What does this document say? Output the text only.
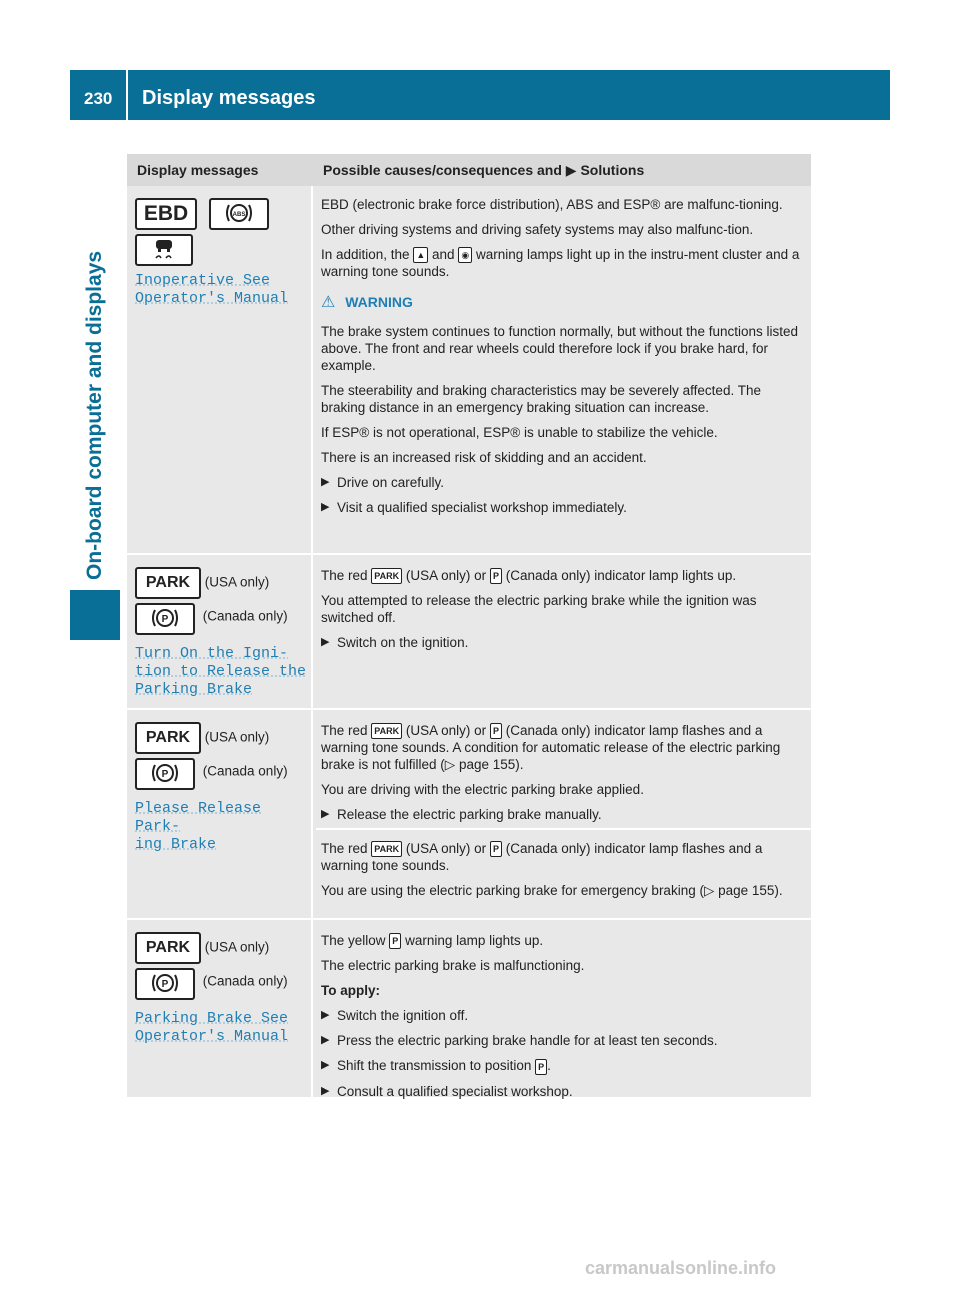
230 Display messages
On-board computer and displays
Display messages	Possible causes/consequences and ▶ Solutions
EBD	ABS
Inoperative See
Operator's Manual

EBD (electronic brake force distribution), ABS and ESP® are malfunc-tioning.

Other driving systems and driving safety systems may also malfunc-tion.

In addition, the ▲ and ◉ warning lamps light up in the instru-ment cluster and a warning tone sounds.

⚠ WARNING

The brake system continues to function normally, but without the functions listed above. The front and rear wheels could therefore lock if you brake hard, for example.

The steerability and braking characteristics may be severely affected. The braking distance in an emergency braking situation can increase.

If ESP® is not operational, ESP® is unable to stabilize the vehicle.

There is an increased risk of skidding and an accident.

▶ Drive on carefully.
▶ Visit a qualified specialist workshop immediately.
PARK (USA only)
P	(Canada only)
Turn On the Igni-
tion to Release the
Parking Brake

The red PARK (USA only) or P (Canada only) indicator lamp lights up.

You attempted to release the electric parking brake while the ignition was switched off.

▶ Switch on the ignition.
PARK (USA only)
P	(Canada only)
Please Release Park-
ing Brake

The red PARK (USA only) or P (Canada only) indicator lamp flashes and a warning tone sounds. A condition for automatic release of the electric parking brake is not fulfilled (▷ page 155).

You are driving with the electric parking brake applied.

▶ Release the electric parking brake manually.

The red PARK (USA only) or P (Canada only) indicator lamp flashes and a warning tone sounds.

You are using the electric parking brake for emergency braking (▷ page 155).

PARK (USA only)
P	(Canada only)
Parking Brake See
Operator's Manual

The yellow P warning lamp lights up.

The electric parking brake is malfunctioning.

To apply:

▶ Switch the ignition off.
▶ Press the electric parking brake handle for at least ten seconds.
▶ Shift the transmission to position P .
▶ Consult a qualified specialist workshop.
carmanualsonline.info
